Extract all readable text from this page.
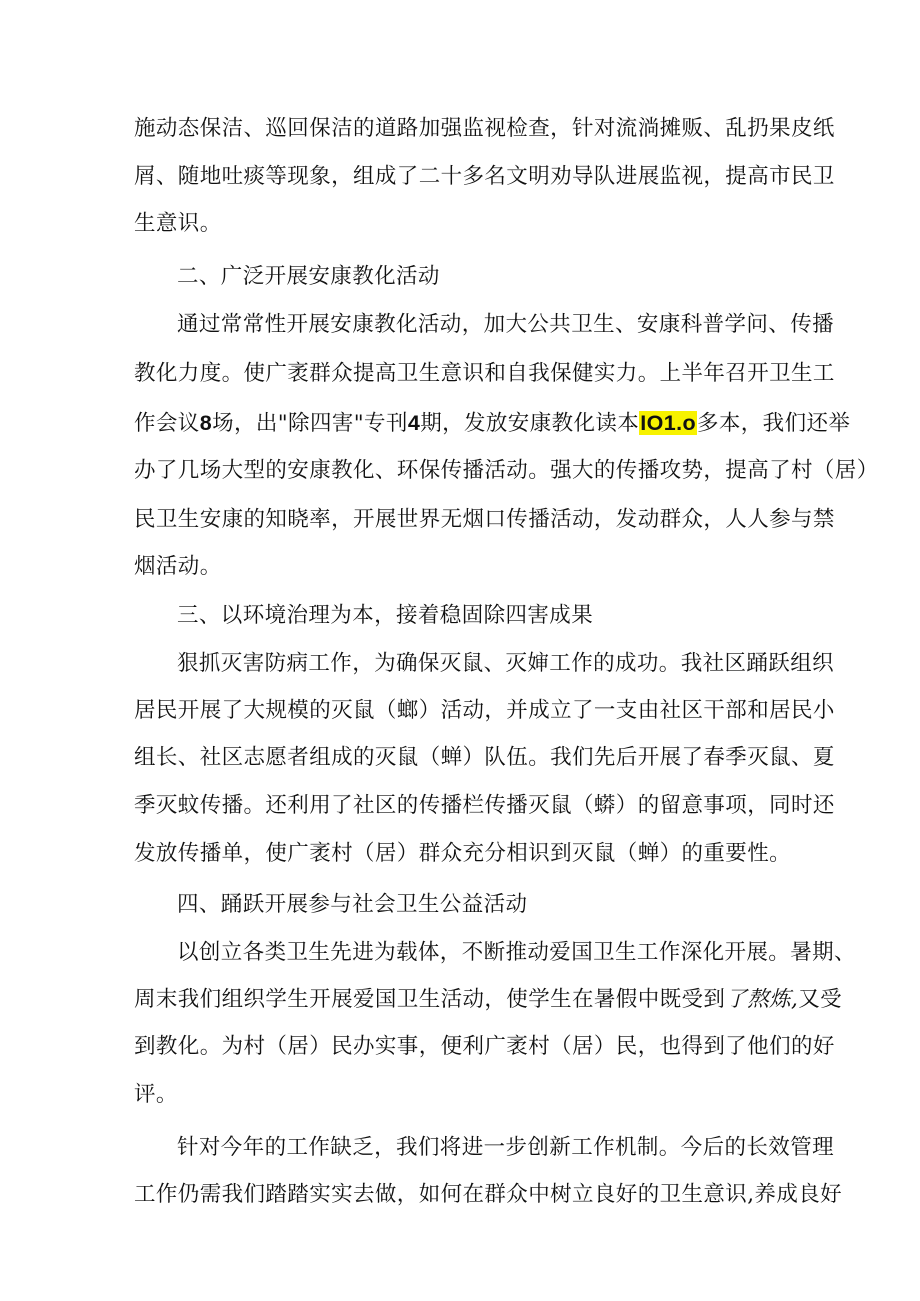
施动态保洁、巡回保洁的道路加强监视检查，针对流淌摊贩、乱扔果皮纸
屑、随地吐痰等现象，组成了二十多名文明劝导队进展监视，提高市民卫
生意识。
二、广泛开展安康教化活动
通过常常性开展安康教化活动，加大公共卫生、安康科普学问、传播
教化力度。使广袤群众提高卫生意识和自我保健实力。上半年召开卫生工
作会议8场，出"除四害"专刊4期，发放安康教化读本IO1.o多本，我们还举
办了几场大型的安康教化、环保传播活动。强大的传播攻势，提高了村（居）
民卫生安康的知晓率，开展世界无烟口传播活动，发动群众，人人参与禁
烟活动。
三、以环境治理为本，接着稳固除四害成果
狠抓灭害防病工作，为确保灭鼠、灭婶工作的成功。我社区踊跃组织
居民开展了大规模的灭鼠（螂）活动，并成立了一支由社区干部和居民小
组长、社区志愿者组成的灭鼠（蝉）队伍。我们先后开展了春季灭鼠、夏
季灭蚊传播。还利用了社区的传播栏传播灭鼠（蟒）的留意事项，同时还
发放传播单，使广袤村（居）群众充分相识到灭鼠（蝉）的重要性。
四、踊跃开展参与社会卫生公益活动
以创立各类卫生先进为载体，不断推动爱国卫生工作深化开展。暑期、
周末我们组织学生开展爱国卫生活动，使学生在暑假中既受到了熬炼,又受
到教化。为村（居）民办实事，便利广袤村（居）民，也得到了他们的好
评。
针对今年的工作缺乏，我们将进一步创新工作机制。今后的长效管理
工作仍需我们踏踏实实去做，如何在群众中树立良好的卫生意识,养成良好
